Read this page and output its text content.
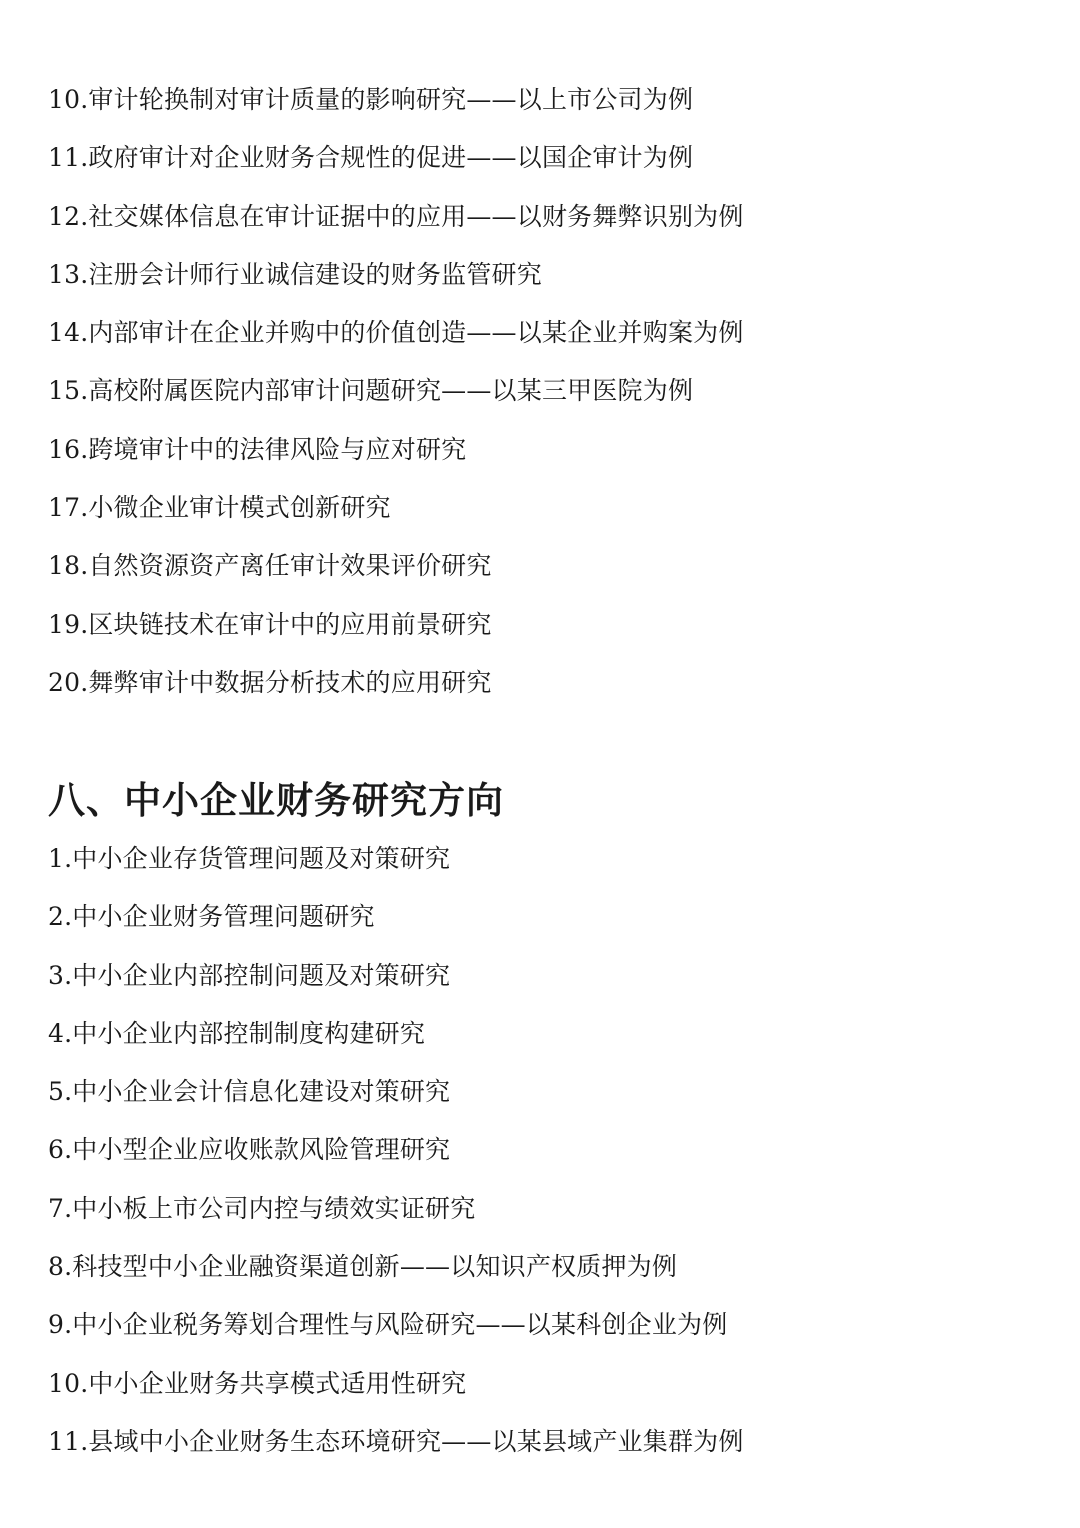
10.审计轮换制对审计质量的影响研究——以上市公司为例
11.政府审计对企业财务合规性的促进——以国企审计为例
12.社交媒体信息在审计证据中的应用——以财务舞弊识别为例
13.注册会计师行业诚信建设的财务监管研究
14.内部审计在企业并购中的价值创造——以某企业并购案为例
15.高校附属医院内部审计问题研究——以某三甲医院为例
16.跨境审计中的法律风险与应对研究
17.小微企业审计模式创新研究
18.自然资源资产离任审计效果评价研究
19.区块链技术在审计中的应用前景研究
20.舞弊审计中数据分析技术的应用研究
八、中小企业财务研究方向
1.中小企业存货管理问题及对策研究
2.中小企业财务管理问题研究
3.中小企业内部控制问题及对策研究
4.中小企业内部控制制度构建研究
5.中小企业会计信息化建设对策研究
6.中小型企业应收账款风险管理研究
7.中小板上市公司内控与绩效实证研究
8.科技型中小企业融资渠道创新——以知识产权质押为例
9.中小企业税务筹划合理性与风险研究——以某科创企业为例
10.中小企业财务共享模式适用性研究
11.县域中小企业财务生态环境研究——以某县域产业集群为例
